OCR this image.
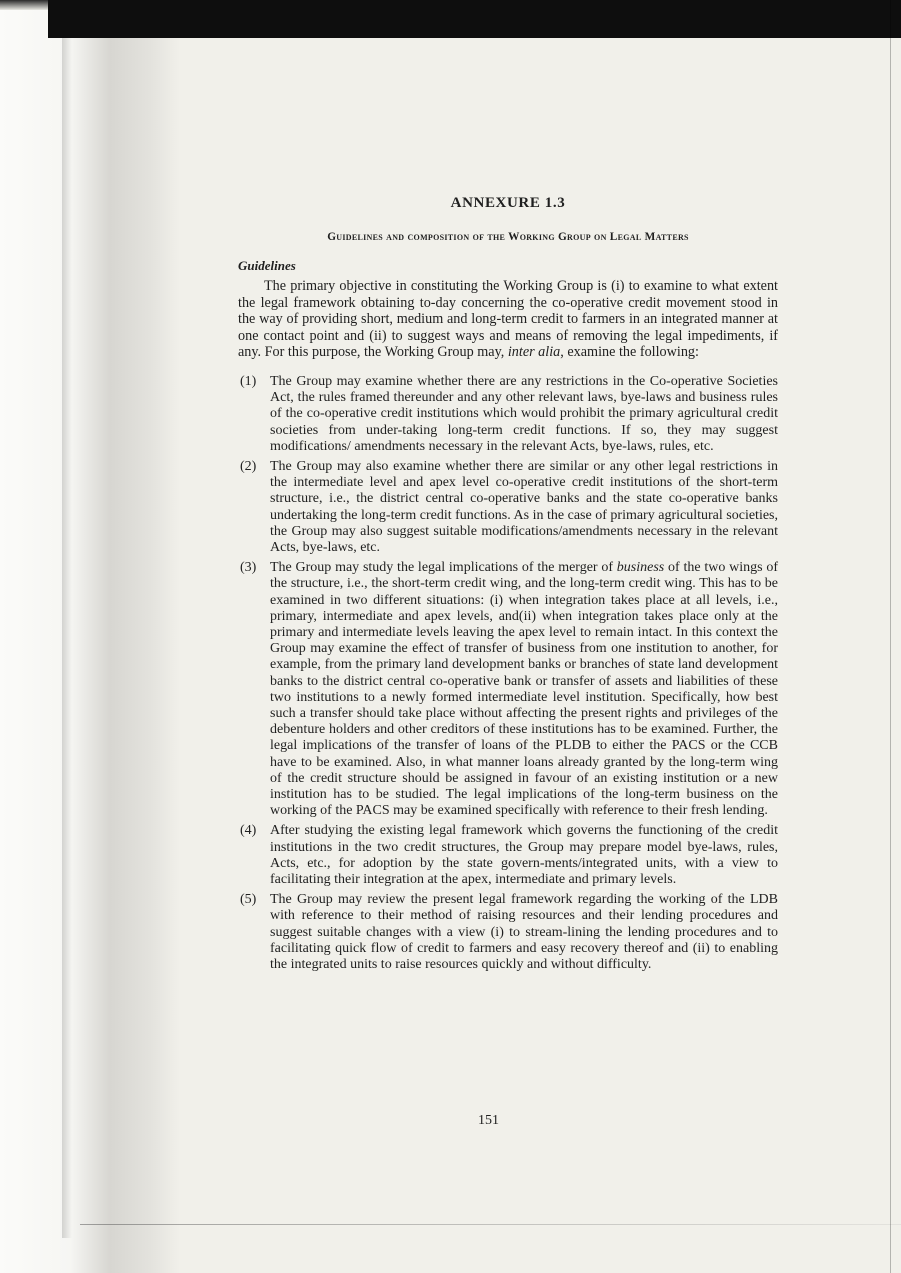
ANNEXURE 1.3
Guidelines and composition of the Working Group on Legal Matters
Guidelines

The primary objective in constituting the Working Group is (i) to examine to what extent the legal framework obtaining to-day concerning the co-operative credit movement stood in the way of providing short, medium and long-term credit to farmers in an integrated manner at one contact point and (ii) to suggest ways and means of removing the legal impediments, if any. For this purpose, the Working Group may, inter alia, examine the following:

(1) The Group may examine whether there are any restrictions in the Co-operative Societies Act, the rules framed thereunder and any other relevant laws, bye-laws and business rules of the co-operative credit institutions which would prohibit the primary agricultural credit societies from under-taking long-term credit functions. If so, they may suggest modifications/ amendments necessary in the relevant Acts, bye-laws, rules, etc.

(2) The Group may also examine whether there are similar or any other legal restrictions in the intermediate level and apex level co-operative credit institutions of the short-term structure, i.e., the district central co-operative banks and the state co-operative banks undertaking the long-term credit functions. As in the case of primary agricultural societies, the Group may also suggest suitable modifications/amendments necessary in the relevant Acts, bye-laws, etc.

(3) The Group may study the legal implications of the merger of business of the two wings of the structure, i.e., the short-term credit wing, and the long-term credit wing. This has to be examined in two different situations: (i) when integration takes place at all levels, i.e., primary, intermediate and apex levels, and(ii) when integration takes place only at the primary and intermediate levels leaving the apex level to remain intact. In this context the Group may examine the effect of transfer of business from one institution to another, for example, from the primary land development banks or branches of state land development banks to the district central co-operative bank or transfer of assets and liabilities of these two institutions to a newly formed intermediate level institution. Specifically, how best such a transfer should take place without affecting the present rights and privileges of the debenture holders and other creditors of these institutions has to be examined. Further, the legal implications of the transfer of loans of the PLDB to either the PACS or the CCB have to be examined. Also, in what manner loans already granted by the long-term wing of the credit structure should be assigned in favour of an existing institution or a new institution has to be studied. The legal implications of the long-term business on the working of the PACS may be examined specifically with reference to their fresh lending.

(4) After studying the existing legal framework which governs the functioning of the credit institutions in the two credit structures, the Group may prepare model bye-laws, rules, Acts, etc., for adoption by the state govern-ments/integrated units, with a view to facilitating their integration at the apex, intermediate and primary levels.

(5) The Group may review the present legal framework regarding the working of the LDB with reference to their method of raising resources and their lending procedures and suggest suitable changes with a view (i) to stream-lining the lending procedures and to facilitating quick flow of credit to farmers and easy recovery thereof and (ii) to enabling the integrated units to raise resources quickly and without difficulty.

151
